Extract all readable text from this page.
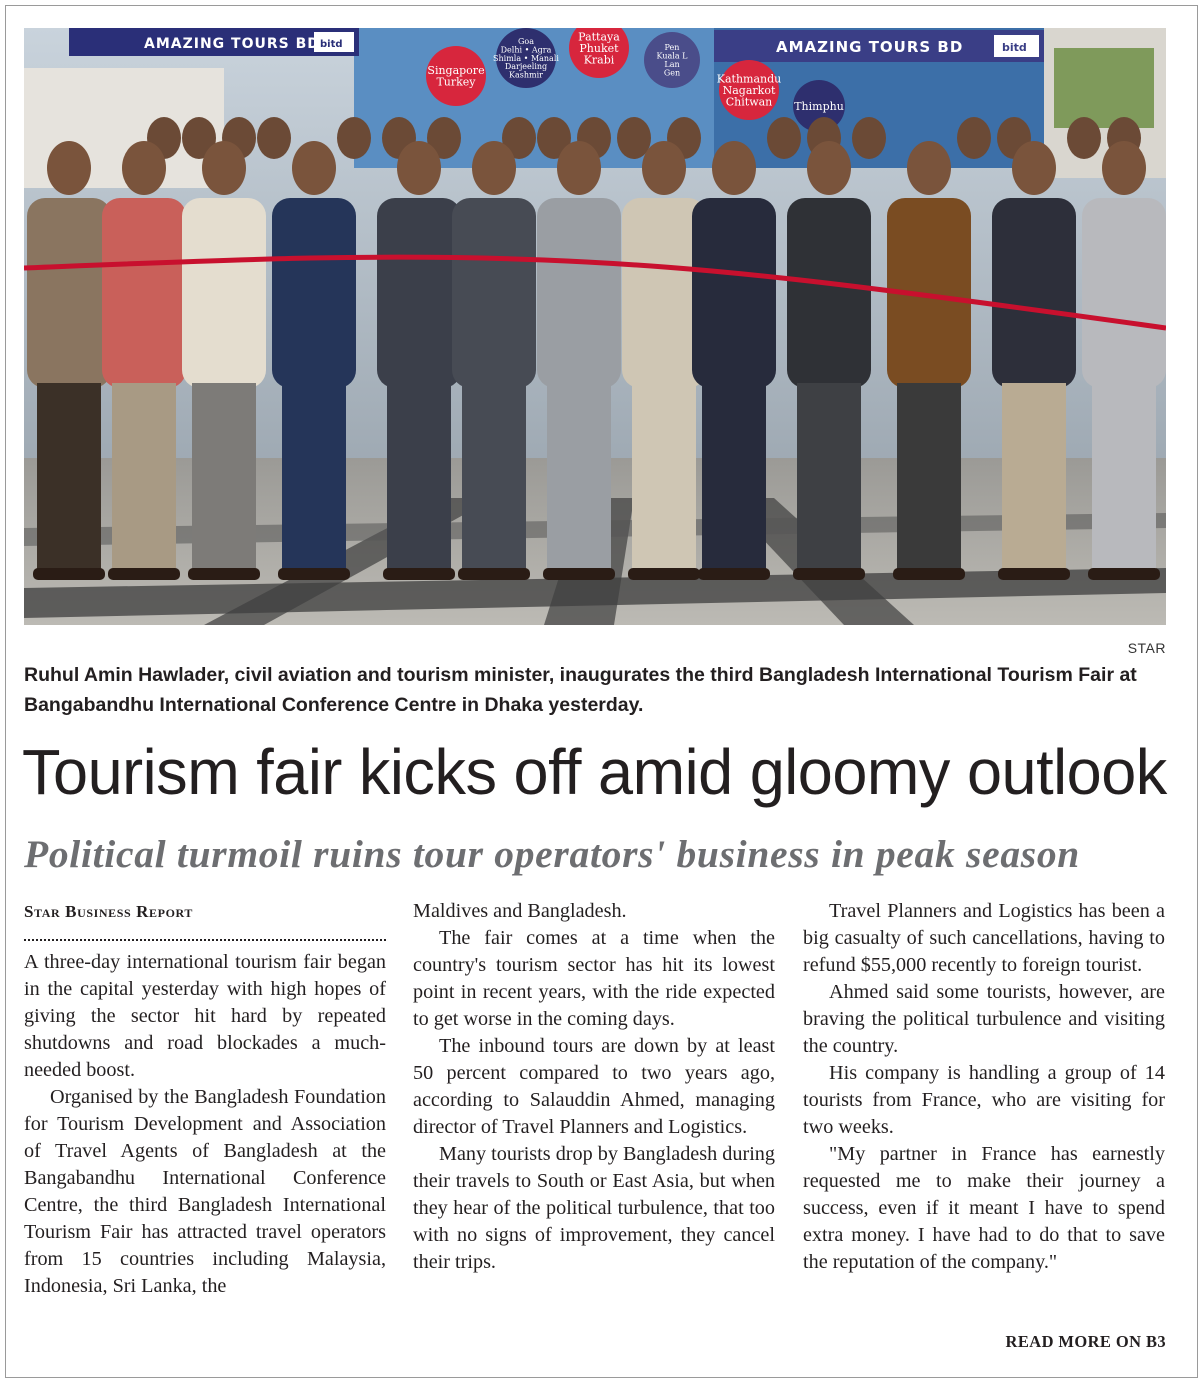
AMAZING TOURS BD bitd	AMAZING TOURS BD	bitd
Singapore
Turkey
Goa
Delhi • Agra
Shimla • Manali
Darjeeling
Kashmir
Pattaya
Phuket
Krabi
Pen
Kuala L
Lan
Gen	Kathmandu
Nagarkot
Chitwan Thimphu
STAR
Ruhul Amin Hawlader, civil aviation and tourism minister, inaugurates the third Bangladesh International Tourism Fair at Bangabandhu International Conference Centre in Dhaka yesterday.
Tourism fair kicks off amid gloomy outlook
Political turmoil ruins tour operators' business in peak season
Star Business Report

A three-day international tourism fair began in the capital yesterday with high hopes of giving the sector hit hard by repeated shutdowns and road blockades a much-needed boost.

Organised by the Bangladesh Foundation for Tourism Development and Association of Travel Agents of Bangladesh at the Bangabandhu International Conference Centre, the third Bangladesh International Tourism Fair has attracted travel operators from 15 countries including Malaysia, Indonesia, Sri Lanka, the

Maldives and Bangladesh.

The fair comes at a time when the country's tourism sector has hit its lowest point in recent years, with the ride expected to get worse in the coming days.

The inbound tours are down by at least 50 percent compared to two years ago, according to Salauddin Ahmed, managing director of Travel Planners and Logistics.

Many tourists drop by Bangladesh during their travels to South or East Asia, but when they hear of the political turbulence, that too with no signs of improvement, they cancel their trips.

Travel Planners and Logistics has been a big casualty of such cancellations, having to refund $55,000 recently to foreign tourist.

Ahmed said some tourists, however, are braving the political turbulence and visiting the country.

His company is handling a group of 14 tourists from France, who are visiting for two weeks.

"My partner in France has earnestly requested me to make their journey a success, even if it meant I have to spend extra money. I have had to do that to save the reputation of the company."

READ MORE ON B3
